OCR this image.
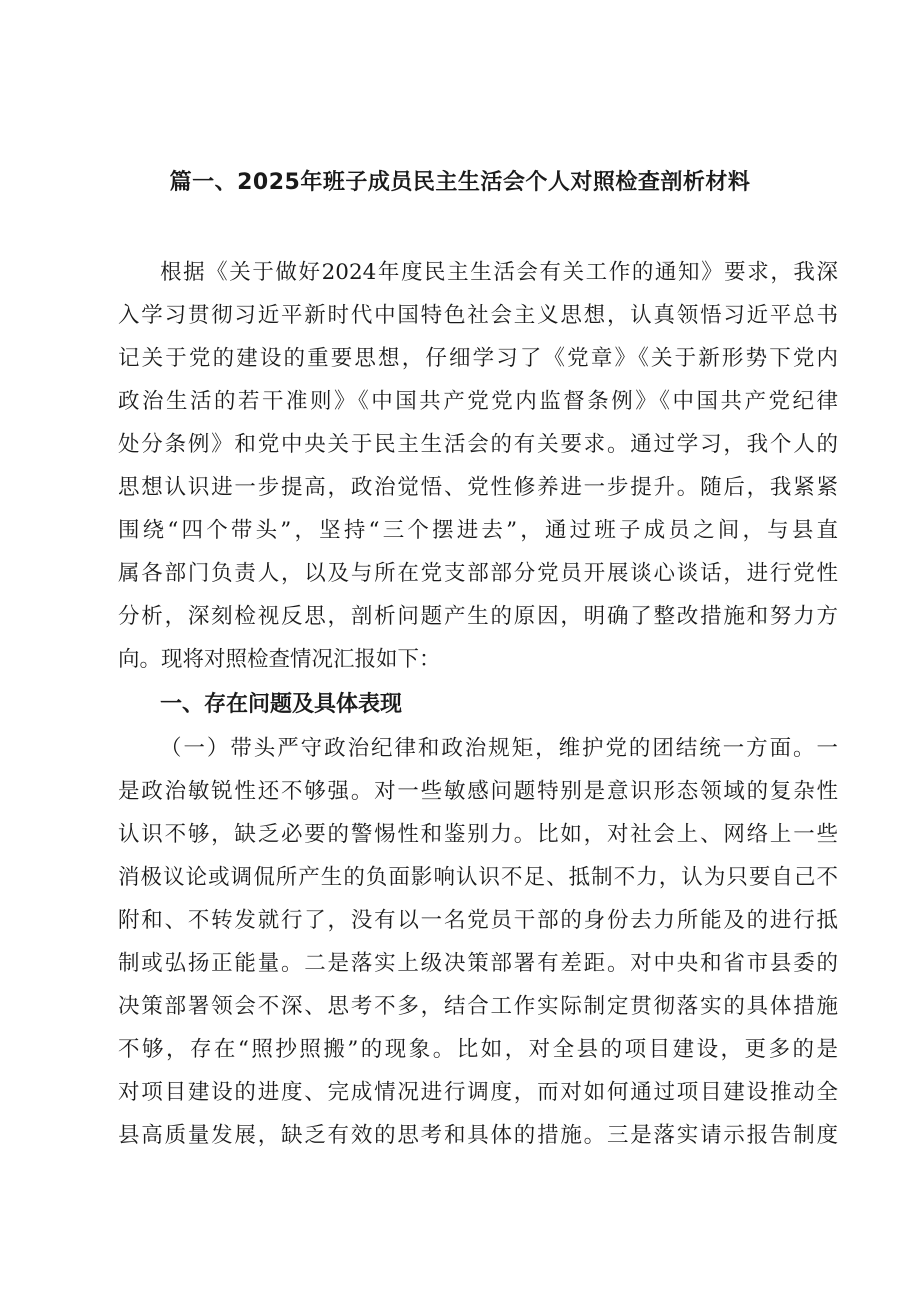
篇一、2025年班子成员民主生活会个人对照检查剖析材料
根据《关于做好2024年度民主生活会有关工作的通知》要求，我深
入学习贯彻习近平新时代中国特色社会主义思想，认真领悟习近平总书
记关于党的建设的重要思想，仔细学习了《党章》《关于新形势下党内
政治生活的若干准则》《中国共产党党内监督条例》《中国共产党纪律
处分条例》和党中央关于民主生活会的有关要求。通过学习，我个人的
思想认识进一步提高，政治觉悟、党性修养进一步提升。随后，我紧紧
围绕“四个带头”，坚持“三个摆进去”，通过班子成员之间，与县直
属各部门负责人，以及与所在党支部部分党员开展谈心谈话，进行党性
分析，深刻检视反思，剖析问题产生的原因，明确了整改措施和努力方
向。现将对照检查情况汇报如下：
一、存在问题及具体表现
（一）带头严守政治纪律和政治规矩，维护党的团结统一方面。一
是政治敏锐性还不够强。对一些敏感问题特别是意识形态领域的复杂性
认识不够，缺乏必要的警惕性和鉴别力。比如，对社会上、网络上一些
消极议论或调侃所产生的负面影响认识不足、抵制不力，认为只要自己不
附和、不转发就行了，没有以一名党员干部的身份去力所能及的进行抵
制或弘扬正能量。二是落实上级决策部署有差距。对中央和省市县委的
决策部署领会不深、思考不多，结合工作实际制定贯彻落实的具体措施
不够，存在“照抄照搬”的现象。比如，对全县的项目建设，更多的是
对项目建设的进度、完成情况进行调度，而对如何通过项目建设推动全
县高质量发展，缺乏有效的思考和具体的措施。三是落实请示报告制度
